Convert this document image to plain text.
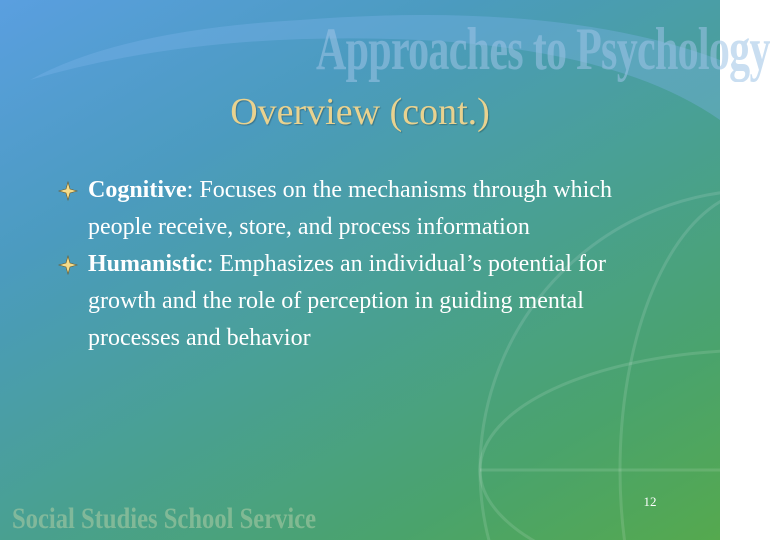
Approaches to Psychology
Overview (cont.)
Cognitive: Focuses on the mechanisms through which people receive, store, and process information
Humanistic: Emphasizes an individual’s potential for growth and the role of perception in guiding mental processes and behavior
12
Social Studies School Service
